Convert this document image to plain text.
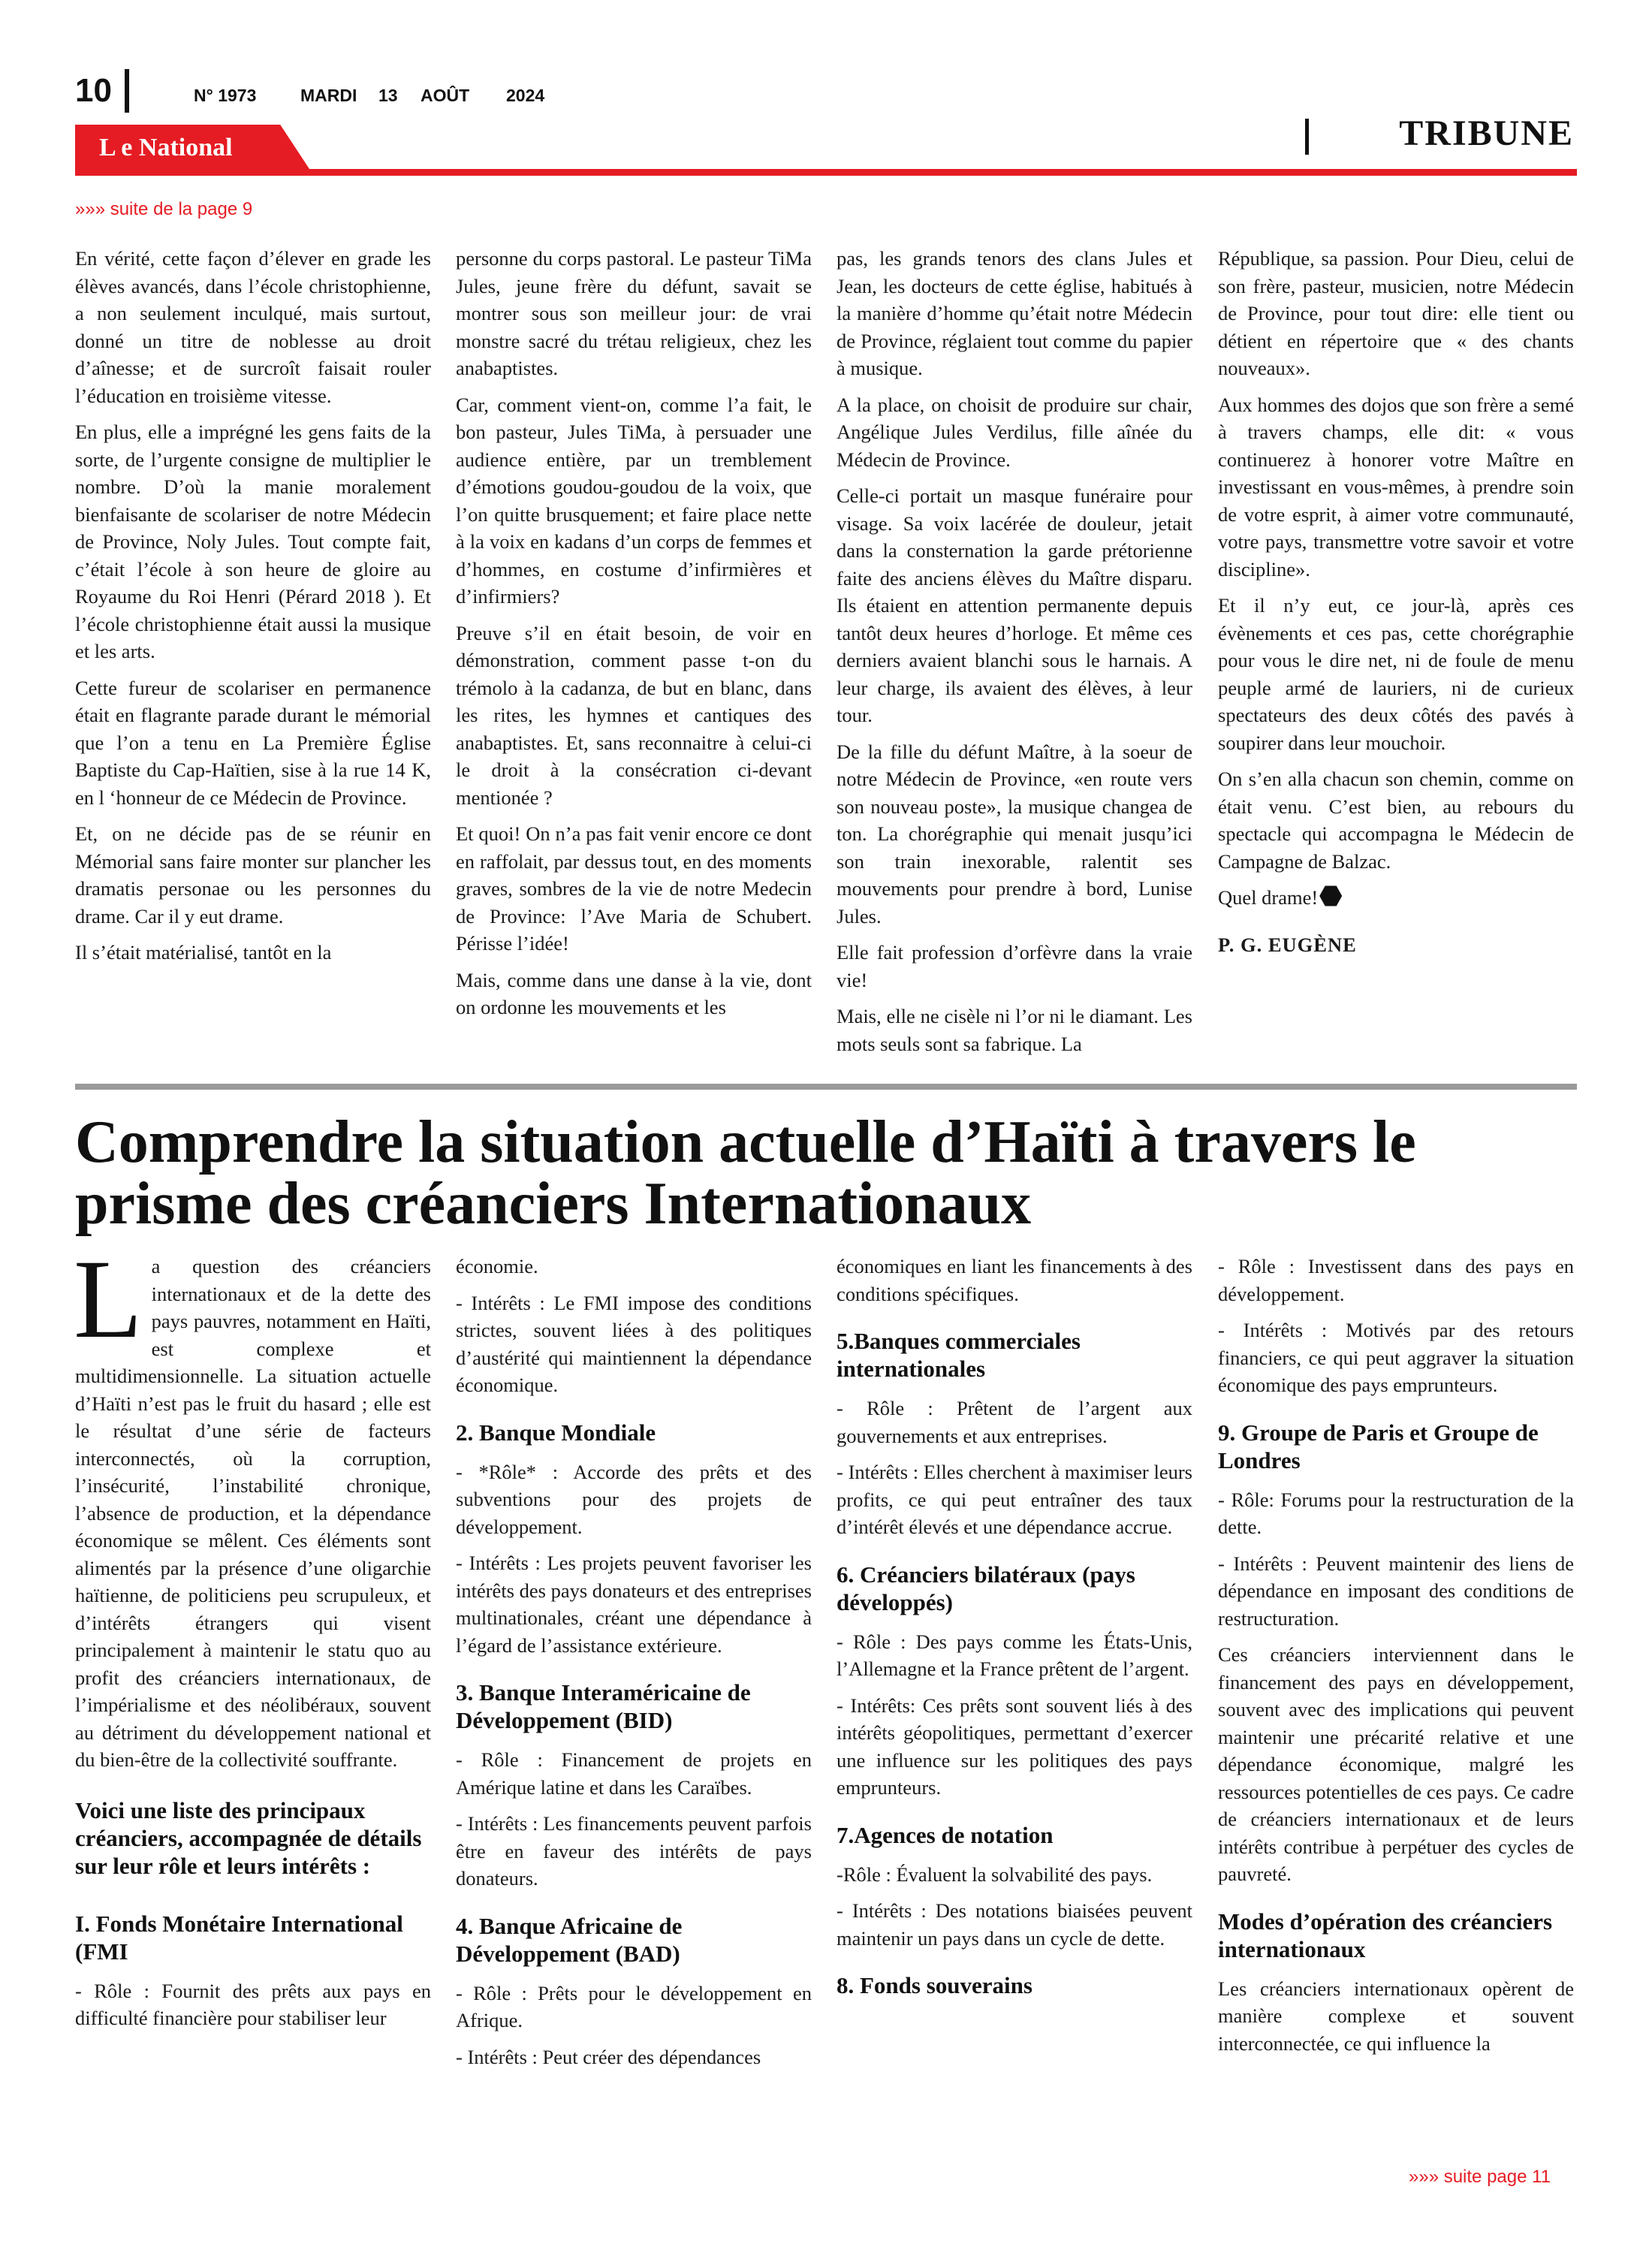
10	N° 1973	MARDI 13 AOÛT 2024
TRIBUNE
L e National
»»» suite de la page 9

En vérité, cette façon d’élever en grade les élèves avancés, dans l’école christophienne, a non seulement inculqué, mais surtout, donné un titre de noblesse au droit d’aînesse; et de surcroît faisait rouler l’éducation en troisième vitesse.

En plus, elle a imprégné les gens faits de la sorte, de l’urgente consigne de multiplier le nombre. D’où la manie moralement bienfaisante de scolariser de notre Médecin de Province, Noly Jules. Tout compte fait, c’était l’école à son heure de gloire au Royaume du Roi Henri (Pérard 2018 ). Et l’école christophienne était aussi la musique et les arts.

Cette fureur de scolariser en permanence était en flagrante parade durant le mémorial que l’on a tenu en La Première Église Baptiste du Cap-Haïtien, sise à la rue 14 K, en l ‘honneur de ce Médecin de Province.

Et, on ne décide pas de se réunir en Mémorial sans faire monter sur plancher les dramatis personae ou les personnes du drame. Car il y eut drame.

Il s’était matérialisé, tantôt en la

personne du corps pastoral. Le pasteur TiMa Jules, jeune frère du défunt, savait se montrer sous son meilleur jour: de vrai monstre sacré du trétau religieux, chez les anabaptistes.

Car, comment vient-on, comme l’a fait, le bon pasteur, Jules TiMa, à persuader une audience entière, par un tremblement d’émotions goudou-goudou de la voix, que l’on quitte brusquement; et faire place nette à la voix en kadans d’un corps de femmes et d’hommes, en costume d’infirmières et d’infirmiers?

Preuve s’il en était besoin, de voir en démonstration, comment passe t-on du trémolo à la cadanza, de but en blanc, dans les rites, les hymnes et cantiques des anabaptistes. Et, sans reconnaitre à celui-ci le droit à la consécration ci-devant mentionée ?

Et quoi! On n’a pas fait venir encore ce dont en raffolait, par dessus tout, en des moments graves, sombres de la vie de notre Medecin de Province: l’Ave Maria de Schubert. Périsse l’idée!

Mais, comme dans une danse à la vie, dont on ordonne les mouvements et les

pas, les grands tenors des clans Jules et Jean, les docteurs de cette église, habitués à la manière d’homme qu’était notre Médecin de Province, réglaient tout comme du papier à musique.

A la place, on choisit de produire sur chair, Angélique Jules Verdilus, fille aînée du Médecin de Province.

Celle-ci portait un masque funéraire pour visage. Sa voix lacérée de douleur, jetait dans la consternation la garde prétorienne faite des anciens élèves du Maître disparu. Ils étaient en attention permanente depuis tantôt deux heures d’horloge. Et même ces derniers avaient blanchi sous le harnais. A leur charge, ils avaient des élèves, à leur tour.

De la fille du défunt Maître, à la soeur de notre Médecin de Province, «en route vers son nouveau poste», la musique changea de ton. La chorégraphie qui menait jusqu’ici son train inexorable, ralentit ses mouvements pour prendre à bord, Lunise Jules.

Elle fait profession d’orfèvre dans la vraie vie!

Mais, elle ne cisèle ni l’or ni le diamant. Les mots seuls sont sa fabrique. La

République, sa passion. Pour Dieu, celui de son frère, pasteur, musicien, notre Médecin de Province, pour tout dire: elle tient ou détient en répertoire que « des chants nouveaux».

Aux hommes des dojos que son frère a semé à travers champs, elle dit: « vous continuerez à honorer votre Maître en investissant en vous-mêmes, à prendre soin de votre esprit, à aimer votre communauté, votre pays, transmettre votre savoir et votre discipline».

Et il n’y eut, ce jour-là, après ces évènements et ces pas, cette chorégraphie pour vous le dire net, ni de foule de menu peuple armé de lauriers, ni de curieux spectateurs des deux côtés des pavés à soupirer dans leur mouchoir.

On s’en alla chacun son chemin, comme on était venu. C’est bien, au rebours du spectacle qui accompagna le Médecin de Campagne de Balzac.

Quel drame!

P. G. EUGÈNE

Comprendre la situation actuelle d’Haïti à travers le prisme des créanciers Internationaux

La question des créanciers internationaux et de la dette des pays pauvres, notamment en Haïti, est complexe et multidimensionnelle. La situation actuelle d’Haïti n’est pas le fruit du hasard ; elle est le résultat d’une série de facteurs interconnectés, où la corruption, l’insécurité, l’instabilité chronique, l’absence de production, et la dépendance économique se mêlent. Ces éléments sont alimentés par la présence d’une oligarchie haïtienne, de politiciens peu scrupuleux, et d’intérêts étrangers qui visent principalement à maintenir le statu quo au profit des créanciers internationaux, de l’impérialisme et des néolibéraux, souvent au détriment du développement national et du bien-être de la collectivité souffrante.

Voici une liste des principaux créanciers, accompagnée de détails sur leur rôle et leurs intérêts :
I. Fonds Monétaire International (FMI

- Rôle : Fournit des prêts aux pays en difficulté financière pour stabiliser leur

économie.

- Intérêts : Le FMI impose des conditions strictes, souvent liées à des politiques d’austérité qui maintiennent la dépendance économique.

2. Banque Mondiale

- *Rôle* : Accorde des prêts et des subventions pour des projets de développement.

- Intérêts : Les projets peuvent favoriser les intérêts des pays donateurs et des entreprises multinationales, créant une dépendance à l’égard de l’assistance extérieure.

3. Banque Interaméricaine de Développement (BID)

- Rôle : Financement de projets en Amérique latine et dans les Caraïbes.

- Intérêts : Les financements peuvent parfois être en faveur des intérêts de pays donateurs.

4. Banque Africaine de Développement (BAD)

- Rôle : Prêts pour le développement en Afrique.

- Intérêts : Peut créer des dépendances

économiques en liant les financements à des conditions spécifiques.

5.Banques commerciales internationales

- Rôle : Prêtent de l’argent aux gouvernements et aux entreprises.

- Intérêts : Elles cherchent à maximiser leurs profits, ce qui peut entraîner des taux d’intérêt élevés et une dépendance accrue.

6. Créanciers bilatéraux (pays développés)

- Rôle : Des pays comme les États-Unis, l’Allemagne et la France prêtent de l’argent.

- Intérêts: Ces prêts sont souvent liés à des intérêts géopolitiques, permettant d’exercer une influence sur les politiques des pays emprunteurs.

7.Agences de notation

-Rôle : Évaluent la solvabilité des pays.

- Intérêts : Des notations biaisées peuvent maintenir un pays dans un cycle de dette.

8. Fonds souverains

- Rôle : Investissent dans des pays en développement.

- Intérêts : Motivés par des retours financiers, ce qui peut aggraver la situation économique des pays emprunteurs.

9. Groupe de Paris et Groupe de Londres

- Rôle: Forums pour la restructuration de la dette.

- Intérêts : Peuvent maintenir des liens de dépendance en imposant des conditions de restructuration.

Ces créanciers interviennent dans le financement des pays en développement, souvent avec des implications qui peuvent maintenir une précarité relative et une dépendance économique, malgré les ressources potentielles de ces pays. Ce cadre de créanciers internationaux et de leurs intérêts contribue à perpétuer des cycles de pauvreté.

Modes d’opération des créanciers internationaux

Les créanciers internationaux opèrent de manière complexe et souvent interconnectée, ce qui influence la

»»» suite page 11
